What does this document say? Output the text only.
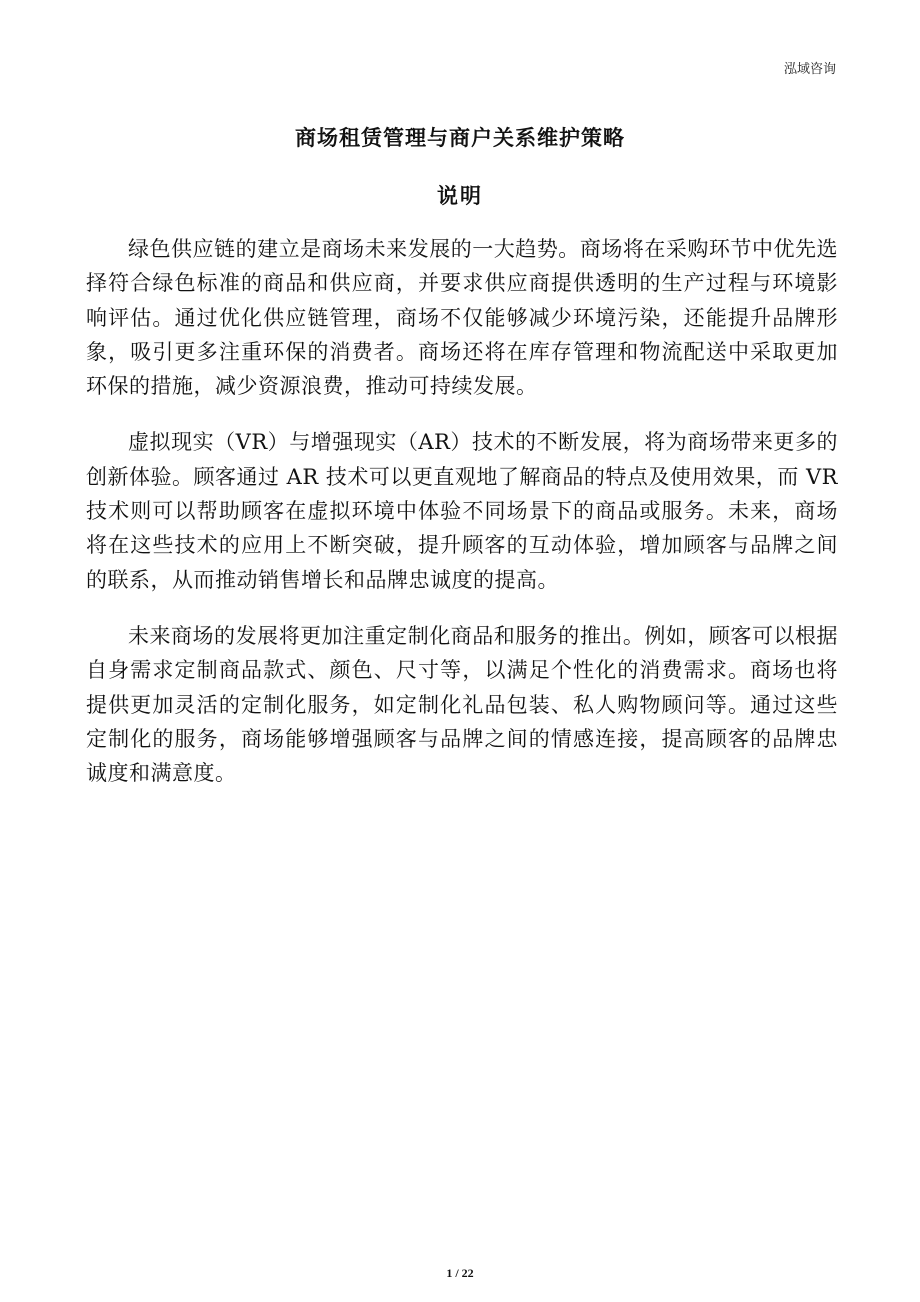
泓域咨询
商场租赁管理与商户关系维护策略
说明

绿色供应链的建立是商场未来发展的一大趋势。商场将在采购环节中优先选择符合绿色标准的商品和供应商，并要求供应商提供透明的生产过程与环境影响评估。通过优化供应链管理，商场不仅能够减少环境污染，还能提升品牌形象，吸引更多注重环保的消费者。商场还将在库存管理和物流配送中采取更加环保的措施，减少资源浪费，推动可持续发展。

虚拟现实（VR）与增强现实（AR）技术的不断发展，将为商场带来更多的创新体验。顾客通过 AR 技术可以更直观地了解商品的特点及使用效果，而 VR 技术则可以帮助顾客在虚拟环境中体验不同场景下的商品或服务。未来，商场将在这些技术的应用上不断突破，提升顾客的互动体验，增加顾客与品牌之间的联系，从而推动销售增长和品牌忠诚度的提高。

未来商场的发展将更加注重定制化商品和服务的推出。例如，顾客可以根据自身需求定制商品款式、颜色、尺寸等，以满足个性化的消费需求。商场也将提供更加灵活的定制化服务，如定制化礼品包装、私人购物顾问等。通过这些定制化的服务，商场能够增强顾客与品牌之间的情感连接，提高顾客的品牌忠诚度和满意度。

1 / 22
